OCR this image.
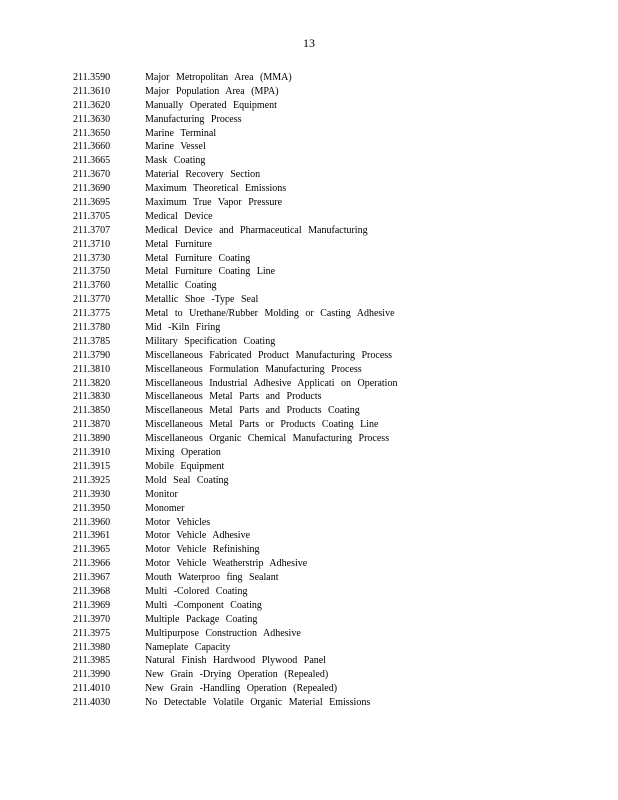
13
211.3590	Major Metropolitan Area (MMA)
211.3610	Major Population Area (MPA)
211.3620	Manually Operated Equipment
211.3630	Manufacturing Process
211.3650	Marine Terminal
211.3660	Marine Vessel
211.3665	Mask Coating
211.3670	Material Recovery Section
211.3690	Maximum Theoretical Emissions
211.3695	Maximum True Vapor Pressure
211.3705	Medical Device
211.3707	Medical Device and Pharmaceutical Manufacturing
211.3710	Metal Furniture
211.3730	Metal Furniture Coating
211.3750	Metal Furniture Coating Line
211.3760	Metallic Coating
211.3770	Metallic Shoe -Type Seal
211.3775	Metal to Urethane/Rubber Molding or Casting Adhesive
211.3780	Mid -Kiln Firing
211.3785	Military Specification Coating
211.3790	Miscellaneous Fabricated Product Manufacturing Process
211.3810	Miscellaneous Formulation Manufacturing Process
211.3820	Miscellaneous Industrial Adhesive Applicati on Operation
211.3830	Miscellaneous Metal Parts and Products
211.3850	Miscellaneous Metal Parts and Products Coating
211.3870	Miscellaneous Metal Parts or Products Coating Line
211.3890	Miscellaneous Organic Chemical Manufacturing Process
211.3910	Mixing Operation
211.3915	Mobile Equipment
211.3925	Mold Seal Coating
211.3930	Monitor
211.3950	Monomer
211.3960	Motor Vehicles
211.3961	Motor Vehicle Adhesive
211.3965	Motor Vehicle Refinishing
211.3966	Motor Vehicle Weatherstrip Adhesive
211.3967	Mouth Waterproo fing Sealant
211.3968	Multi -Colored Coating
211.3969	Multi -Component Coating
211.3970	Multiple Package Coating
211.3975	Multipurpose Construction Adhesive
211.3980	Nameplate Capacity
211.3985	Natural Finish Hardwood Plywood Panel
211.3990	New Grain -Drying Operation (Repealed)
211.4010	New Grain -Handling Operation (Repealed)
211.4030	No Detectable Volatile Organic Material Emissions
